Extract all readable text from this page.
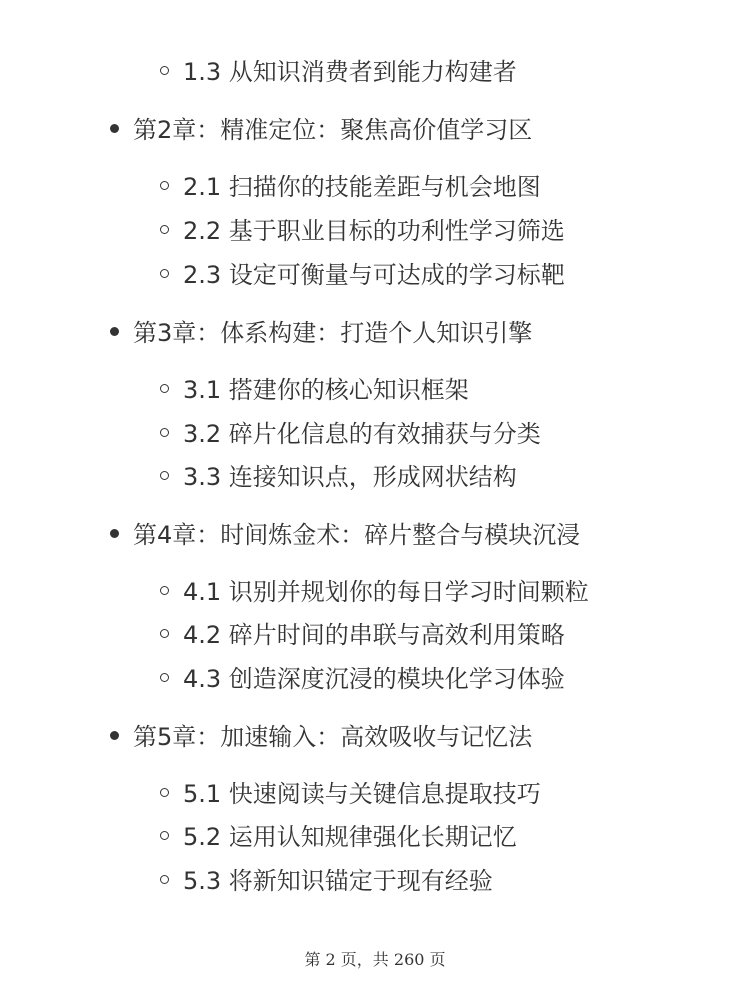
1.3 从知识消费者到能力构建者
第2章：精准定位：聚焦高价值学习区
2.1 扫描你的技能差距与机会地图
2.2 基于职业目标的功利性学习筛选
2.3 设定可衡量与可达成的学习标靶
第3章：体系构建：打造个人知识引擎
3.1 搭建你的核心知识框架
3.2 碎片化信息的有效捕获与分类
3.3 连接知识点，形成网状结构
第4章：时间炼金术：碎片整合与模块沉浸
4.1 识别并规划你的每日学习时间颗粒
4.2 碎片时间的串联与高效利用策略
4.3 创造深度沉浸的模块化学习体验
第5章：加速输入：高效吸收与记忆法
5.1 快速阅读与关键信息提取技巧
5.2 运用认知规律强化长期记忆
5.3 将新知识锚定于现有经验
第 2 页，共 260 页
